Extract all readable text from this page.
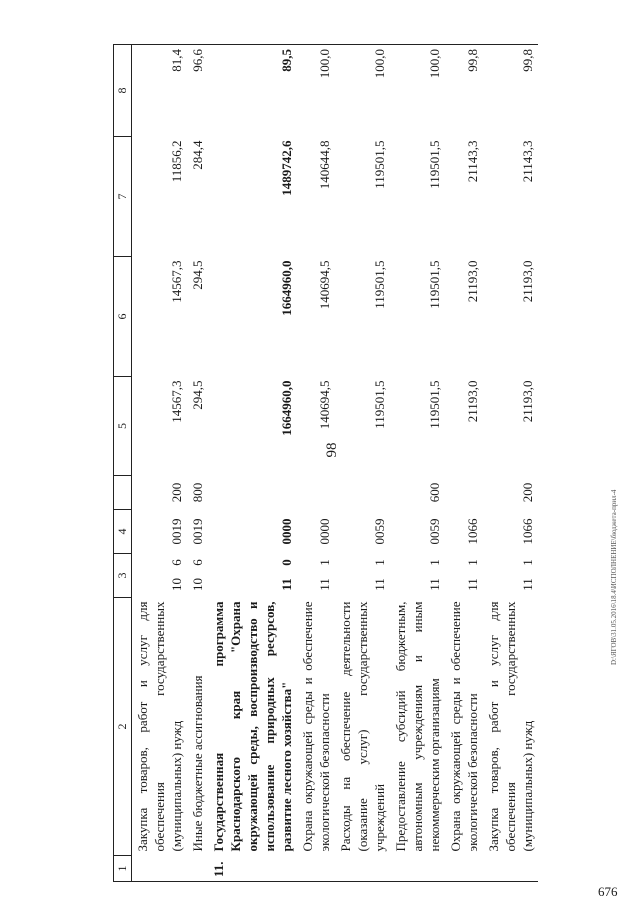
98
676
D:\ЯГОВ\31.05.2016\18.4\ИСПОЛНЕНИЕ\бюджета-прил-4
1	2	3		4		5	6	7	8
	Закупка товаров, работ и услуг для обеспечения государственных (муниципальных) нужд	10	6	0019	200	14567,3	14567,3	11856,2	81,4
	Иные бюджетные ассигнования	10	6	0019	800	294,5	294,5	284,4	96,6
11.	Государственная программа Краснодарского края "Охрана окружающей среды, воспроизводство и использование природных ресурсов, развитие лесного хозяйства"	11	0	0000		1664960,0	1664960,0	1489742,6	89,5
	Охрана окружающей среды и обеспечение экологической безопасности	11	1	0000		140694,5	140694,5	140644,8	100,0
	Расходы на обеспечение деятельности (оказание услуг) государственных учреждений	11	1	0059		119501,5	119501,5	119501,5	100,0
	Предоставление субсидий бюджетным, автономным учреждениям и иным некоммерческим организациям	11	1	0059	600	119501,5	119501,5	119501,5	100,0
	Охрана окружающей среды и обеспечение экологической безопасности	11	1	1066		21193,0	21193,0	21143,3	99,8
	Закупка товаров, работ и услуг для обеспечения государственных (муниципальных) нужд	11	1	1066	200	21193,0	21193,0	21143,3	99,8
